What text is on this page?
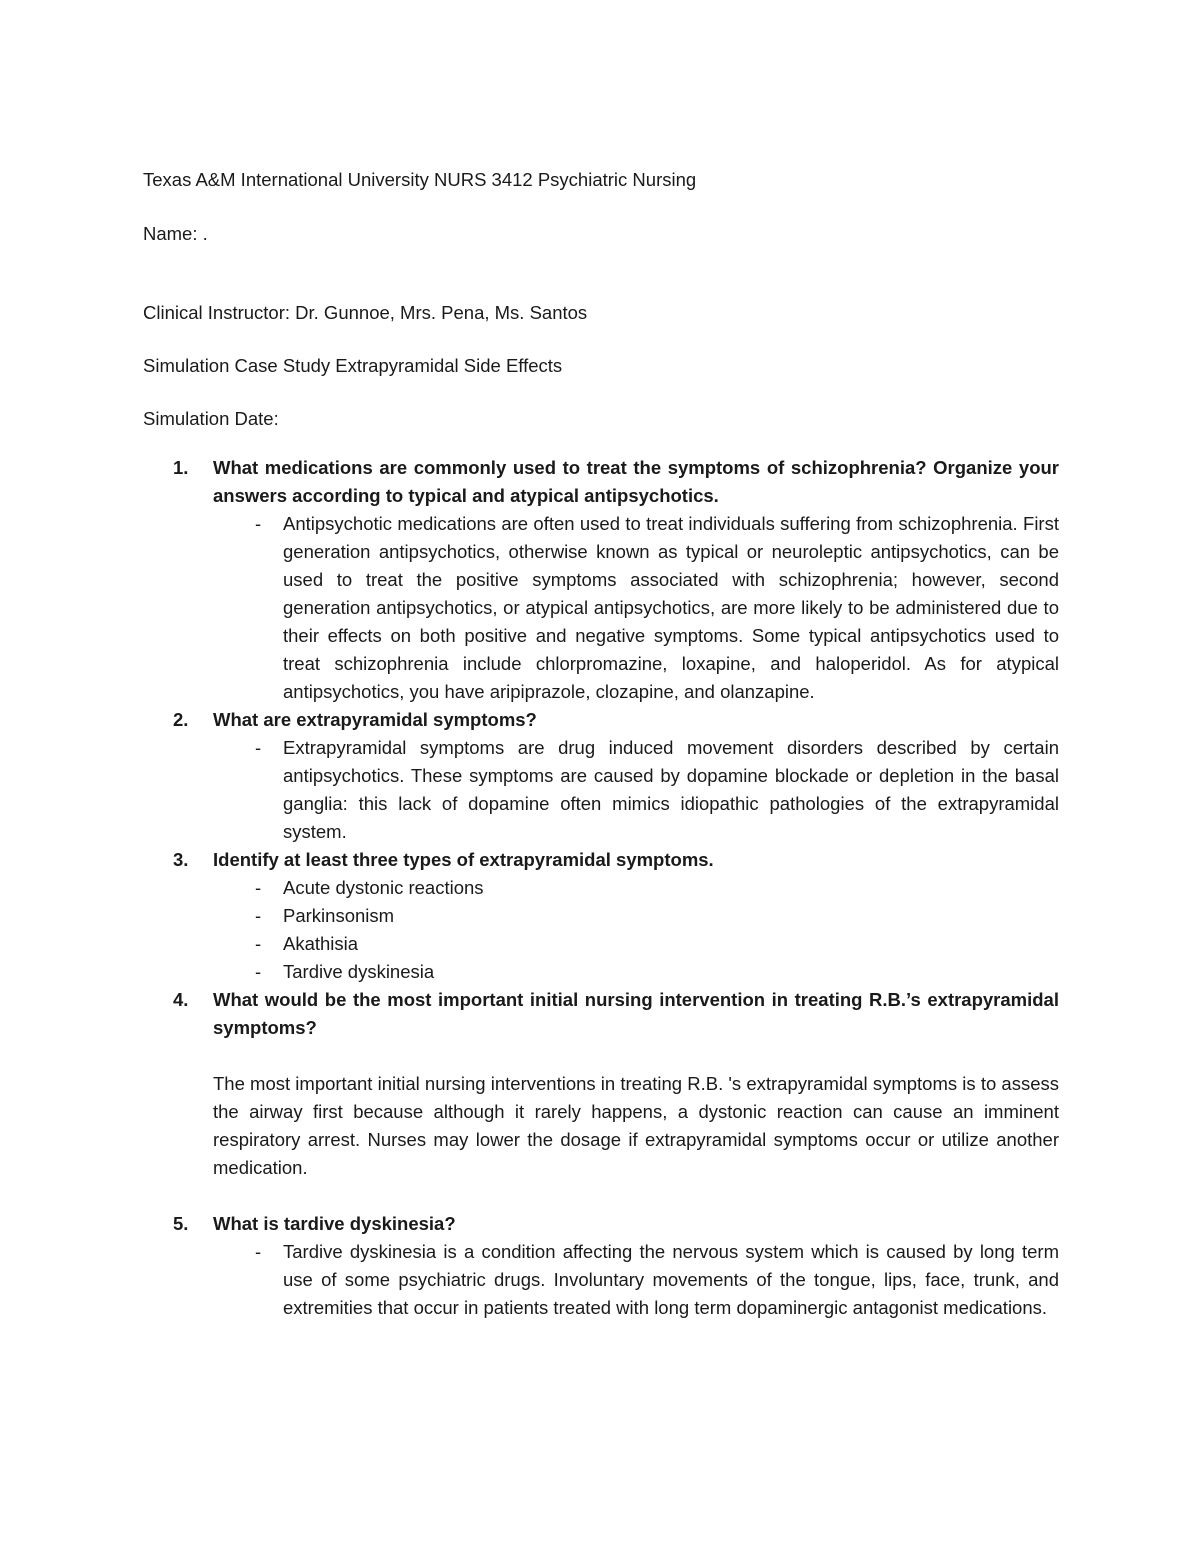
Texas A&M International University NURS 3412 Psychiatric Nursing
Name: .
Clinical Instructor: Dr. Gunnoe, Mrs. Pena, Ms. Santos
Simulation Case Study Extrapyramidal Side Effects
Simulation Date:
1. What medications are commonly used to treat the symptoms of schizophrenia? Organize your answers according to typical and atypical antipsychotics.
- Antipsychotic medications are often used to treat individuals suffering from schizophrenia. First generation antipsychotics, otherwise known as typical or neuroleptic antipsychotics, can be used to treat the positive symptoms associated with schizophrenia; however, second generation antipsychotics, or atypical antipsychotics, are more likely to be administered due to their effects on both positive and negative symptoms. Some typical antipsychotics used to treat schizophrenia include chlorpromazine, loxapine, and haloperidol. As for atypical antipsychotics, you have aripiprazole, clozapine, and olanzapine.
2. What are extrapyramidal symptoms?
- Extrapyramidal symptoms are drug induced movement disorders described by certain antipsychotics. These symptoms are caused by dopamine blockade or depletion in the basal ganglia: this lack of dopamine often mimics idiopathic pathologies of the extrapyramidal system.
3. Identify at least three types of extrapyramidal symptoms.
- Acute dystonic reactions
- Parkinsonism
- Akathisia
- Tardive dyskinesia
4. What would be the most important initial nursing intervention in treating R.B.’s extrapyramidal symptoms?
The most important initial nursing interventions in treating R.B. 's extrapyramidal symptoms is to assess the airway first because although it rarely happens, a dystonic reaction can cause an imminent respiratory arrest. Nurses may lower the dosage if extrapyramidal symptoms occur or utilize another medication.
5. What is tardive dyskinesia?
- Tardive dyskinesia is a condition affecting the nervous system which is caused by long term use of some psychiatric drugs. Involuntary movements of the tongue, lips, face, trunk, and extremities that occur in patients treated with long term dopaminergic antagonist medications.
